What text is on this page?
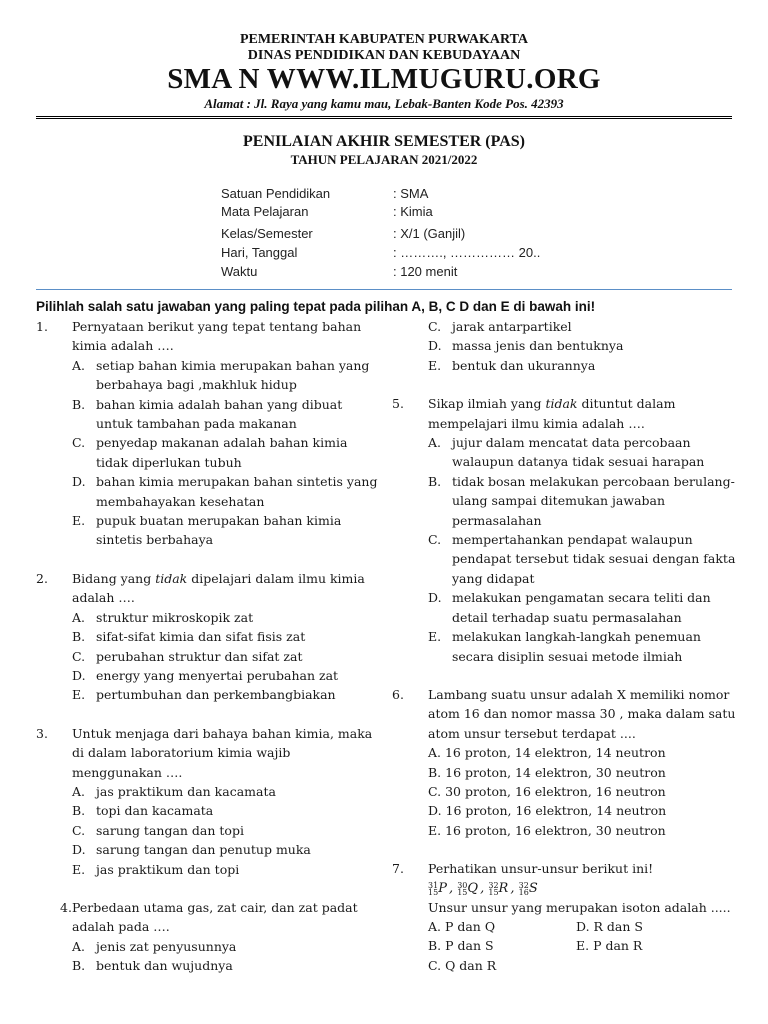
PEMERINTAH KABUPATEN PURWAKARTA
DINAS PENDIDIKAN DAN KEBUDAYAAN
SMA N WWW.ILMUGURU.ORG
Alamat : Jl. Raya yang kamu mau, Lebak-Banten Kode Pos. 42393
PENILAIAN AKHIR SEMESTER (PAS)
TAHUN PELAJARAN 2021/2022
Satuan Pendidikan	: SMA
Mata Pelajaran	: Kimia
Kelas/Semester	: X/1 (Ganjil)
Hari, Tanggal	: ………., …………… 20..
Waktu	: 120 menit
Pilihlah salah satu jawaban yang paling tepat pada pilihan A, B, C D dan E di bawah ini!
1. Pernyataan berikut yang tepat tentang bahan kimia adalah ….
A. setiap bahan kimia merupakan bahan yang berbahaya bagi ,makhluk hidup
B. bahan kimia adalah bahan yang dibuat untuk tambahan pada makanan
C. penyedap makanan adalah bahan kimia tidak diperlukan tubuh
D. bahan kimia merupakan bahan sintetis yang membahayakan kesehatan
E. pupuk buatan merupakan bahan kimia sintetis berbahaya
2. Bidang yang tidak dipelajari dalam ilmu kimia adalah ….
A. struktur mikroskopik zat
B. sifat-sifat kimia dan sifat fisis zat
C. perubahan struktur dan sifat zat
D. energy yang menyertai perubahan zat
E. pertumbuhan dan perkembangbiakan
3. Untuk menjaga dari bahaya bahan kimia, maka di dalam laboratorium kimia wajib menggunakan ….
A. jas praktikum dan kacamata
B. topi dan kacamata
C. sarung tangan dan topi
D. sarung tangan dan penutup muka
E. jas praktikum dan topi
4. Perbedaan utama gas, zat cair, dan zat padat adalah pada ….
A. jenis zat penyusunnya
B. bentuk dan wujudnya
C. jarak antarpartikel
D. massa jenis dan bentuknya
E. bentuk dan ukurannya
5. Sikap ilmiah yang tidak dituntut dalam mempelajari ilmu kimia adalah ….
A. jujur dalam mencatat data percobaan walaupun datanya tidak sesuai harapan
B. tidak bosan melakukan percobaan berulang-ulang sampai ditemukan jawaban permasalahan
C. mempertahankan pendapat walaupun pendapat tersebut tidak sesuai dengan fakta yang didapat
D. melakukan pengamatan secara teliti dan detail terhadap suatu permasalahan
E. melakukan langkah-langkah penemuan secara disiplin sesuai metode ilmiah
6. Lambang suatu unsur adalah X memiliki nomor atom 16 dan nomor massa 30 , maka dalam satu atom unsur tersebut terdapat ....
A. 16 proton, 14 elektron, 14 neutron
B. 16 proton, 14 elektron, 30 neutron
C. 30 proton, 16 elektron, 16 neutron
D. 16 proton, 16 elektron, 14 neutron
E. 16 proton, 16 elektron, 30 neutron
7. Perhatikan unsur-unsur berikut ini!
31
15P , 30
15Q , 32
15R , 32
16S
Unsur unsur yang merupakan isoton adalah .....
A. P dan Q	D. R dan S
B. P dan S	E. P dan R
C. Q dan R
